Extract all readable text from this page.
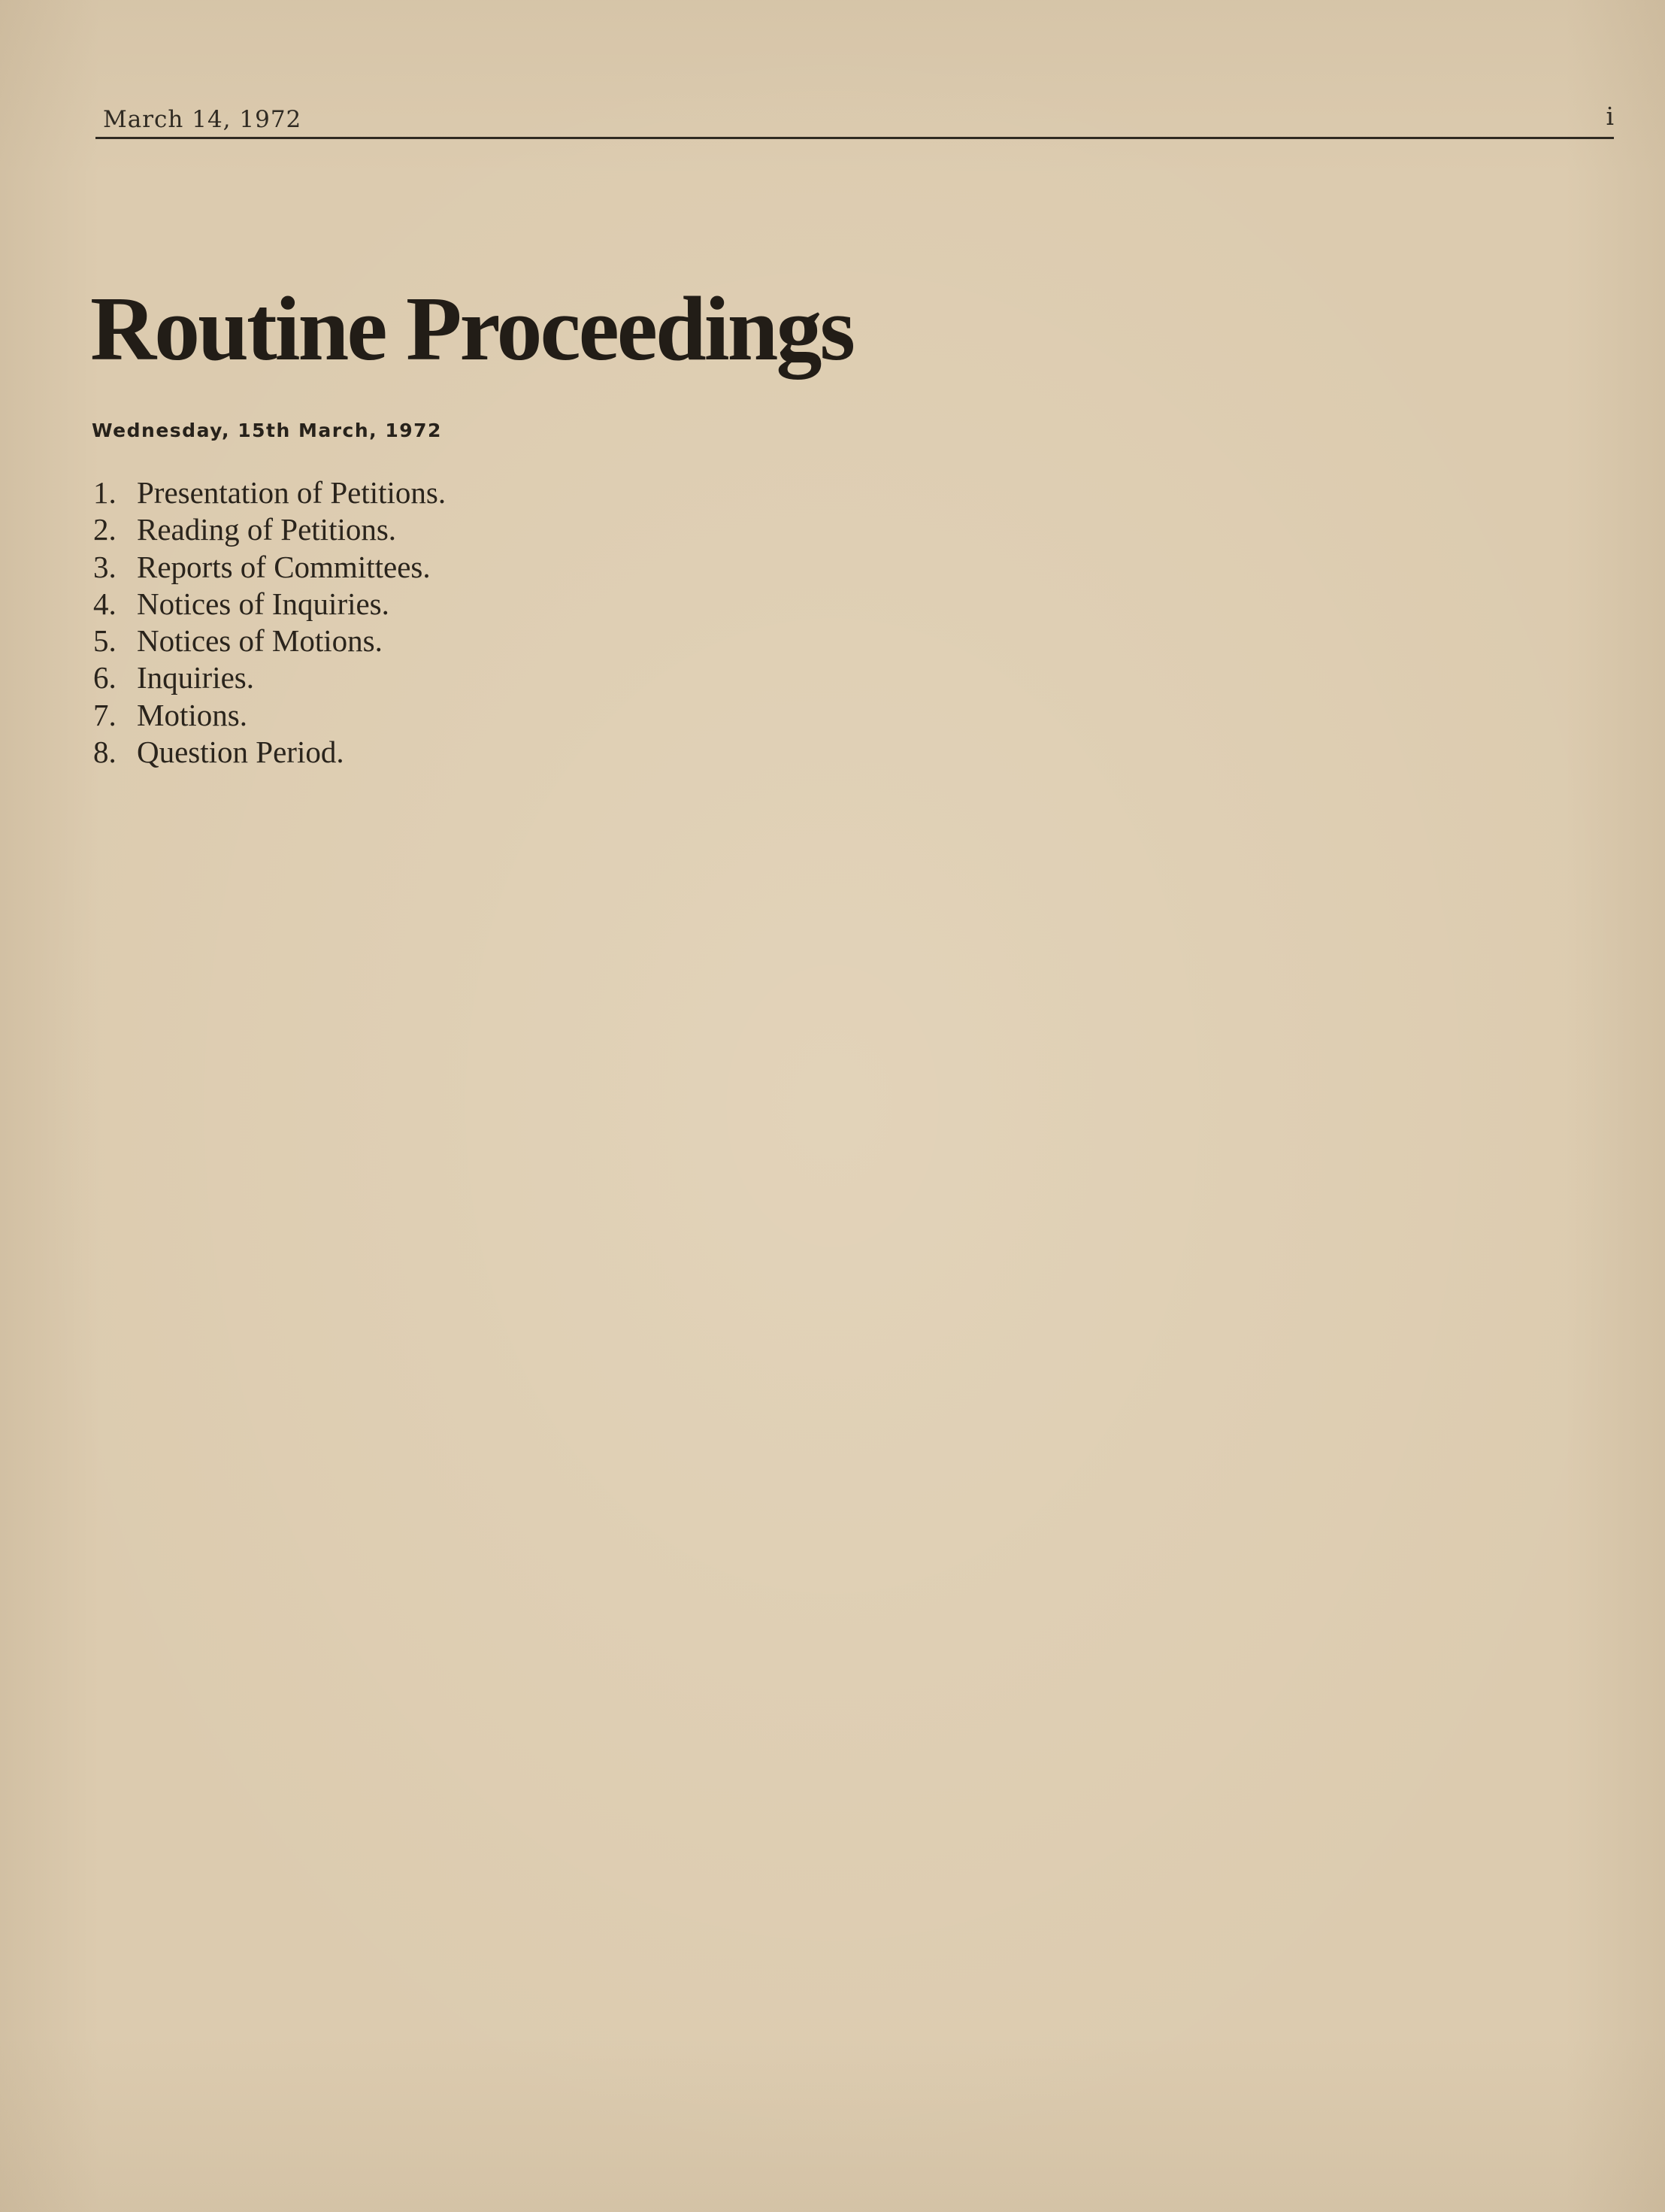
March 14, 1972	i
Routine Proceedings
Wednesday, 15th March, 1972
1. Presentation of Petitions.
2. Reading of Petitions.
3. Reports of Committees.
4. Notices of Inquiries.
5. Notices of Motions.
6. Inquiries.
7. Motions.
8. Question Period.
